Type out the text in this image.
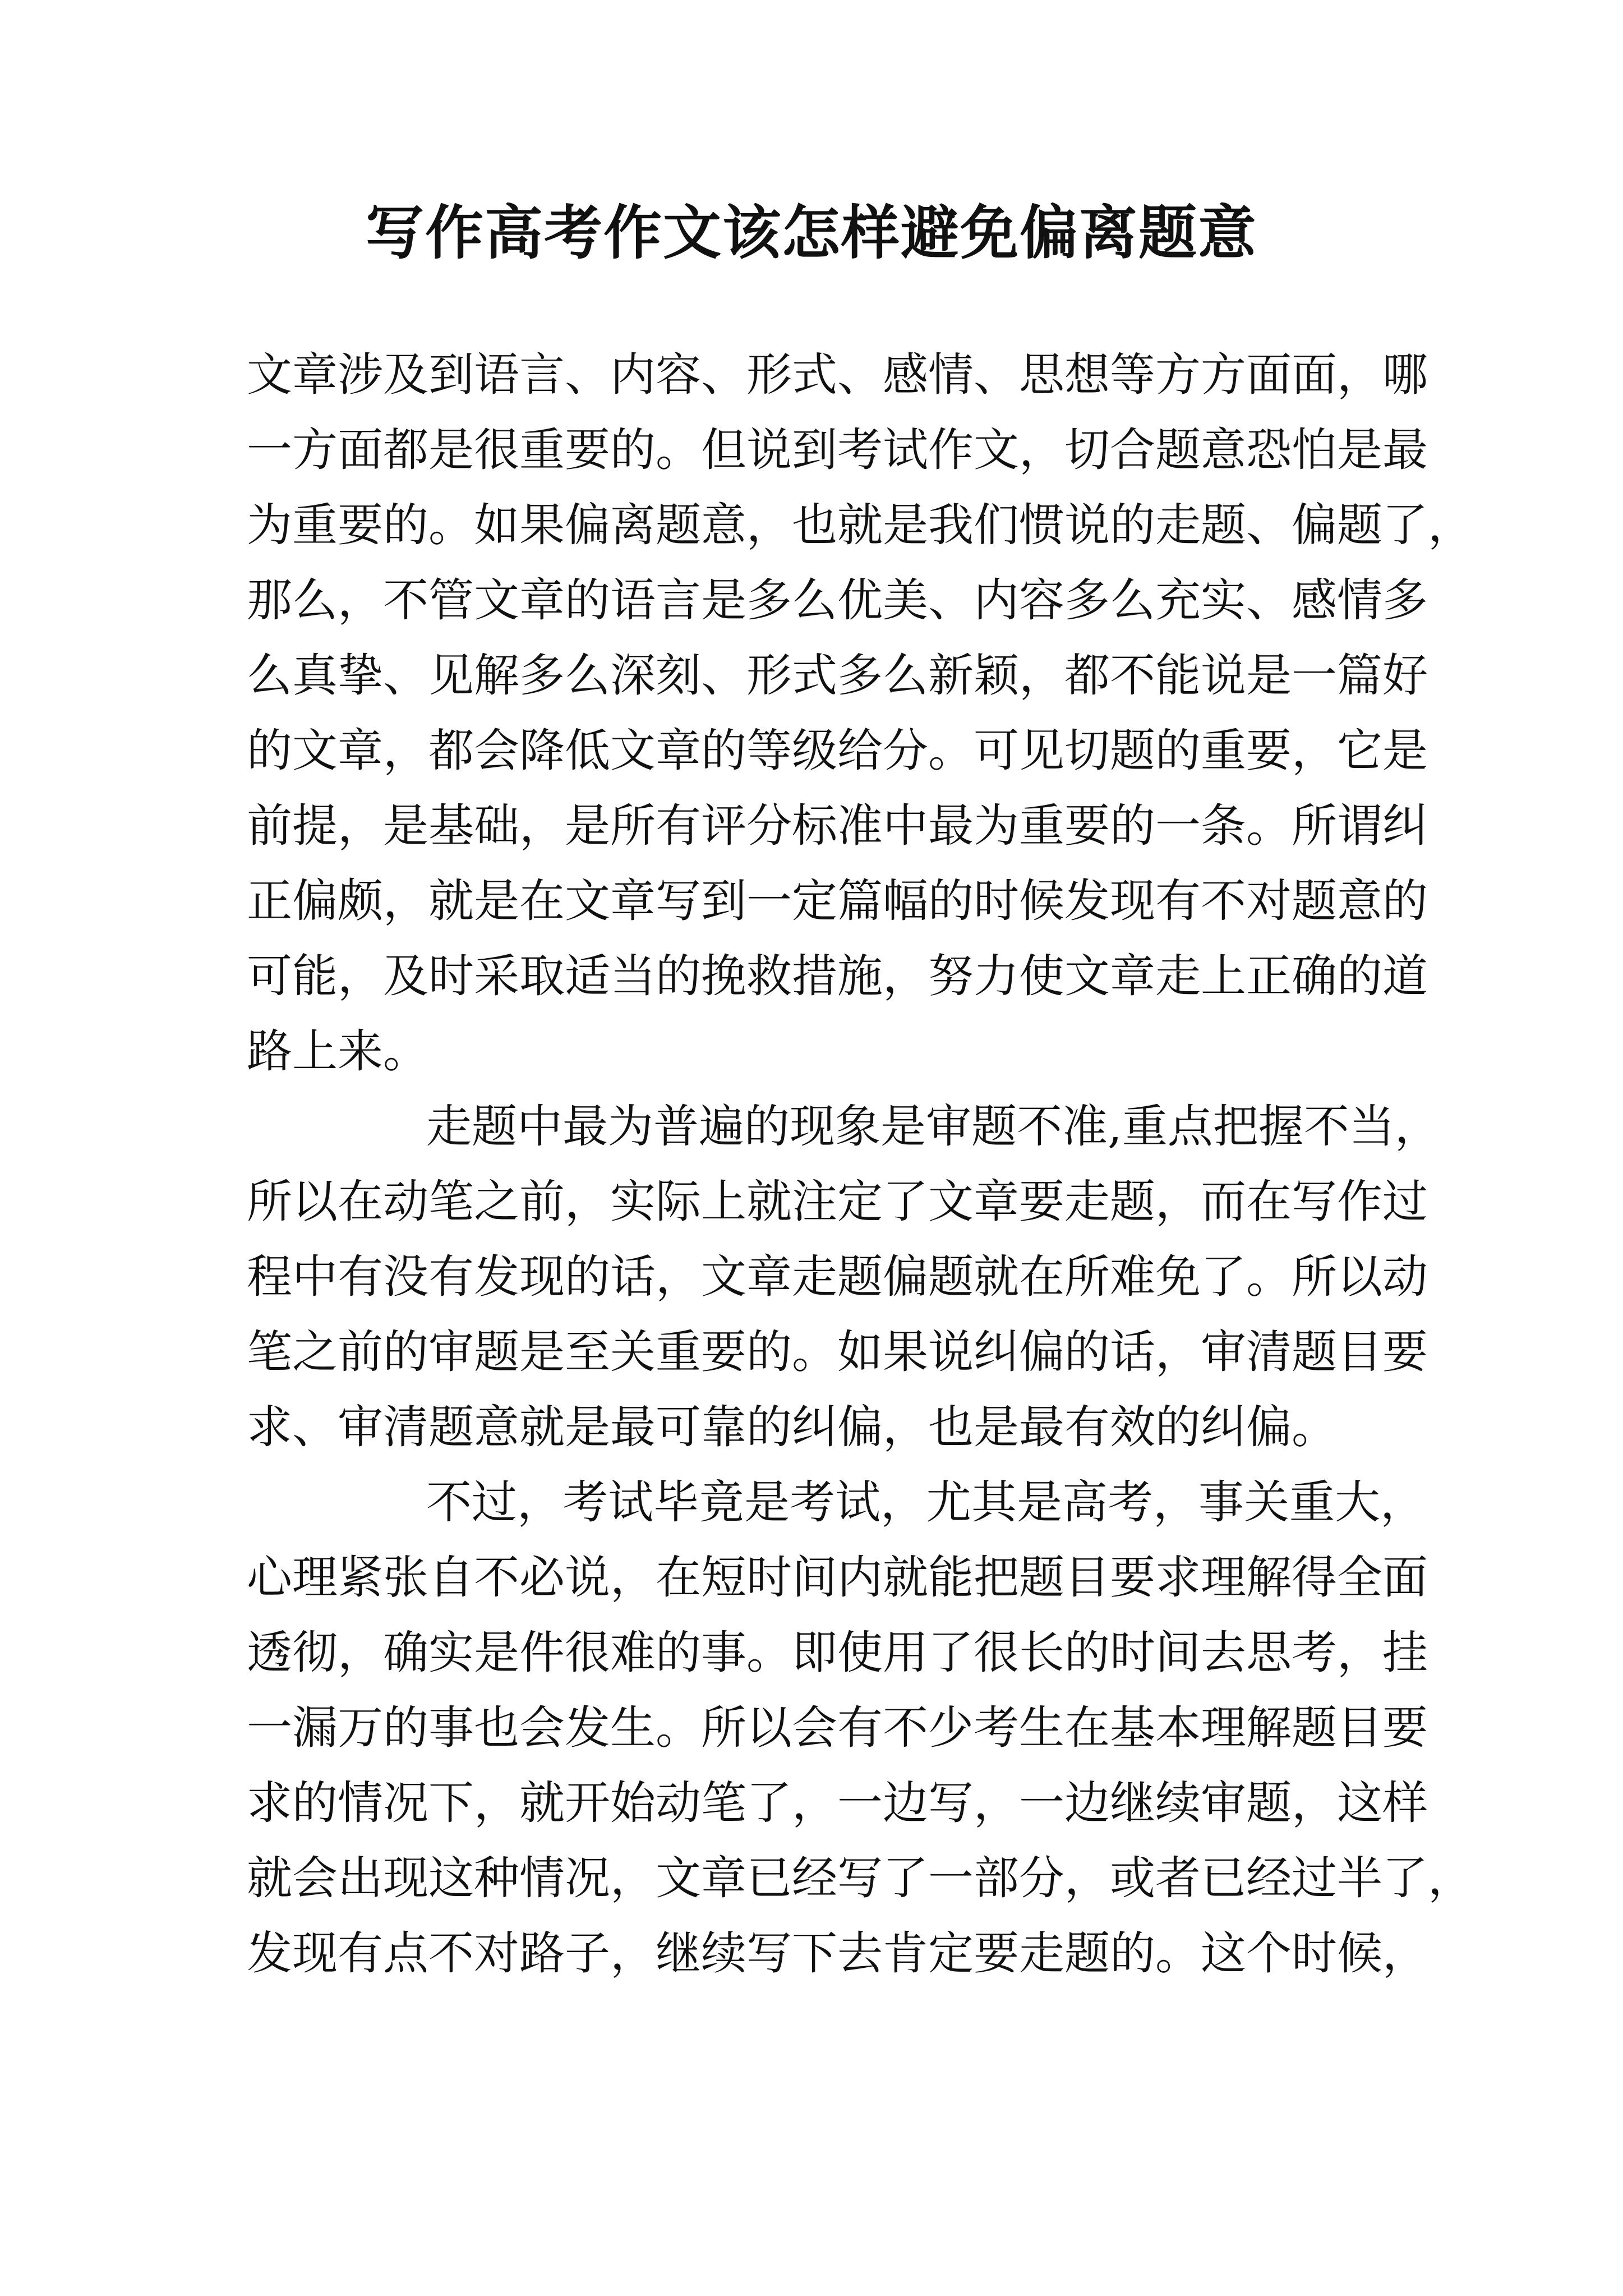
写作高考作文该怎样避免偏离题意
文章涉及到语言、内容、形式、感情、思想等方方面面，哪
一方面都是很重要的。但说到考试作文，切合题意恐怕是最
为重要的。如果偏离题意，也就是我们惯说的走题、偏题了，
那么，不管文章的语言是多么优美、内容多么充实、感情多
么真挚、见解多么深刻、形式多么新颖，都不能说是一篇好
的文章，都会降低文章的等级给分。可见切题的重要，它是
前提，是基础，是所有评分标准中最为重要的一条。所谓纠
正偏颇，就是在文章写到一定篇幅的时候发现有不对题意的
可能，及时采取适当的挽救措施，努力使文章走上正确的道
路上来。
走题中最为普遍的现象是审题不准,重点把握不当，
所以在动笔之前，实际上就注定了文章要走题，而在写作过
程中有没有发现的话，文章走题偏题就在所难免了。所以动
笔之前的审题是至关重要的。如果说纠偏的话，审清题目要
求、审清题意就是最可靠的纠偏，也是最有效的纠偏。
不过，考试毕竟是考试，尤其是高考，事关重大，
心理紧张自不必说，在短时间内就能把题目要求理解得全面
透彻，确实是件很难的事。即使用了很长的时间去思考，挂
一漏万的事也会发生。所以会有不少考生在基本理解题目要
求的情况下，就开始动笔了，一边写，一边继续审题，这样
就会出现这种情况，文章已经写了一部分，或者已经过半了，
发现有点不对路子，继续写下去肯定要走题的。这个时候，
